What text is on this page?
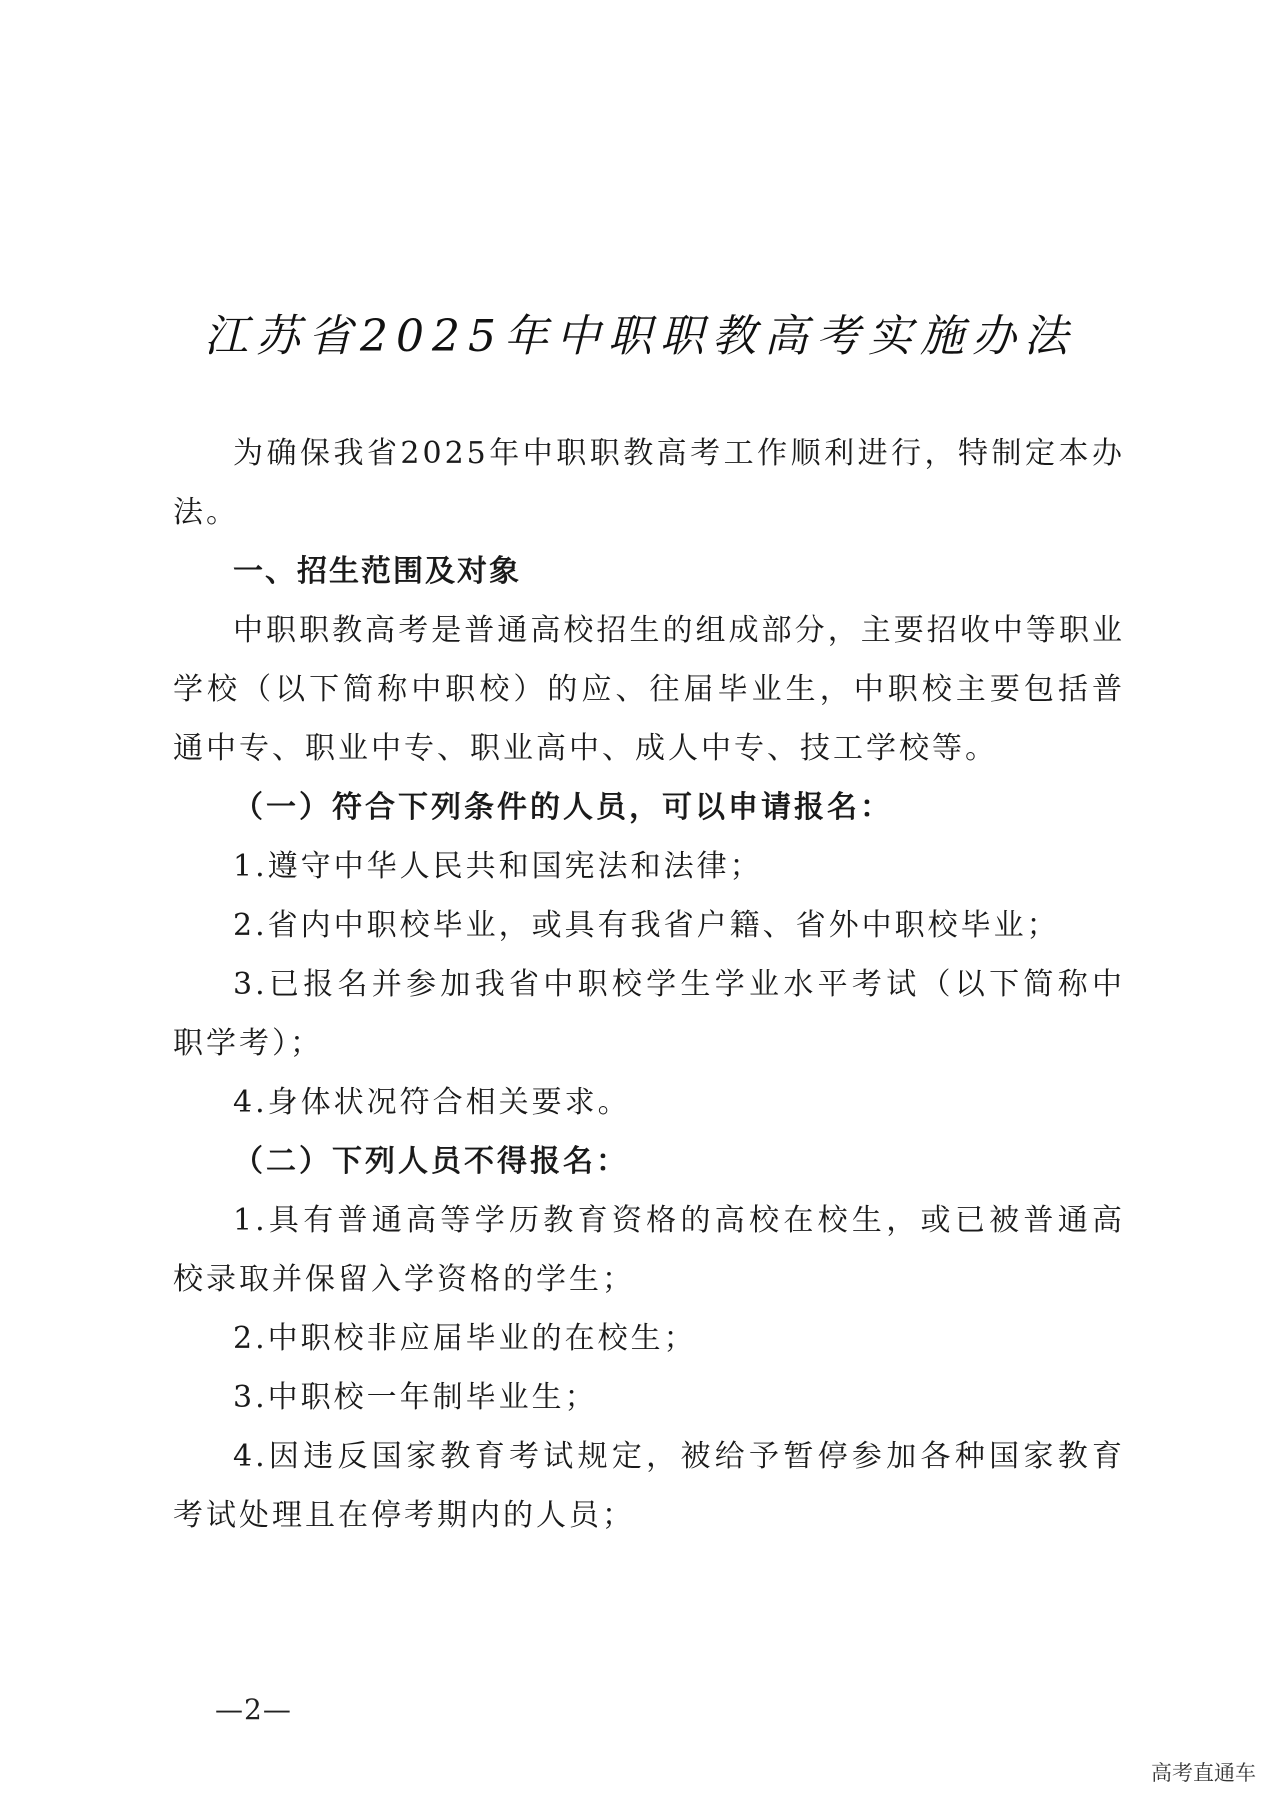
江苏省2025年中职职教高考实施办法

为确保我省2025年中职职教高考工作顺利进行，特制定本办法。

一、招生范围及对象

中职职教高考是普通高校招生的组成部分，主要招收中等职业学校（以下简称中职校）的应、往届毕业生，中职校主要包括普通中专、职业中专、职业高中、成人中专、技工学校等。

（一）符合下列条件的人员，可以申请报名：

1.遵守中华人民共和国宪法和法律；

2.省内中职校毕业，或具有我省户籍、省外中职校毕业；

3.已报名并参加我省中职校学生学业水平考试（以下简称中职学考）；

4.身体状况符合相关要求。

（二）下列人员不得报名：

1.具有普通高等学历教育资格的高校在校生，或已被普通高校录取并保留入学资格的学生；

2.中职校非应届毕业的在校生；

3.中职校一年制毕业生；

4.因违反国家教育考试规定，被给予暂停参加各种国家教育考试处理且在停考期内的人员；

—2—
高考直通车
